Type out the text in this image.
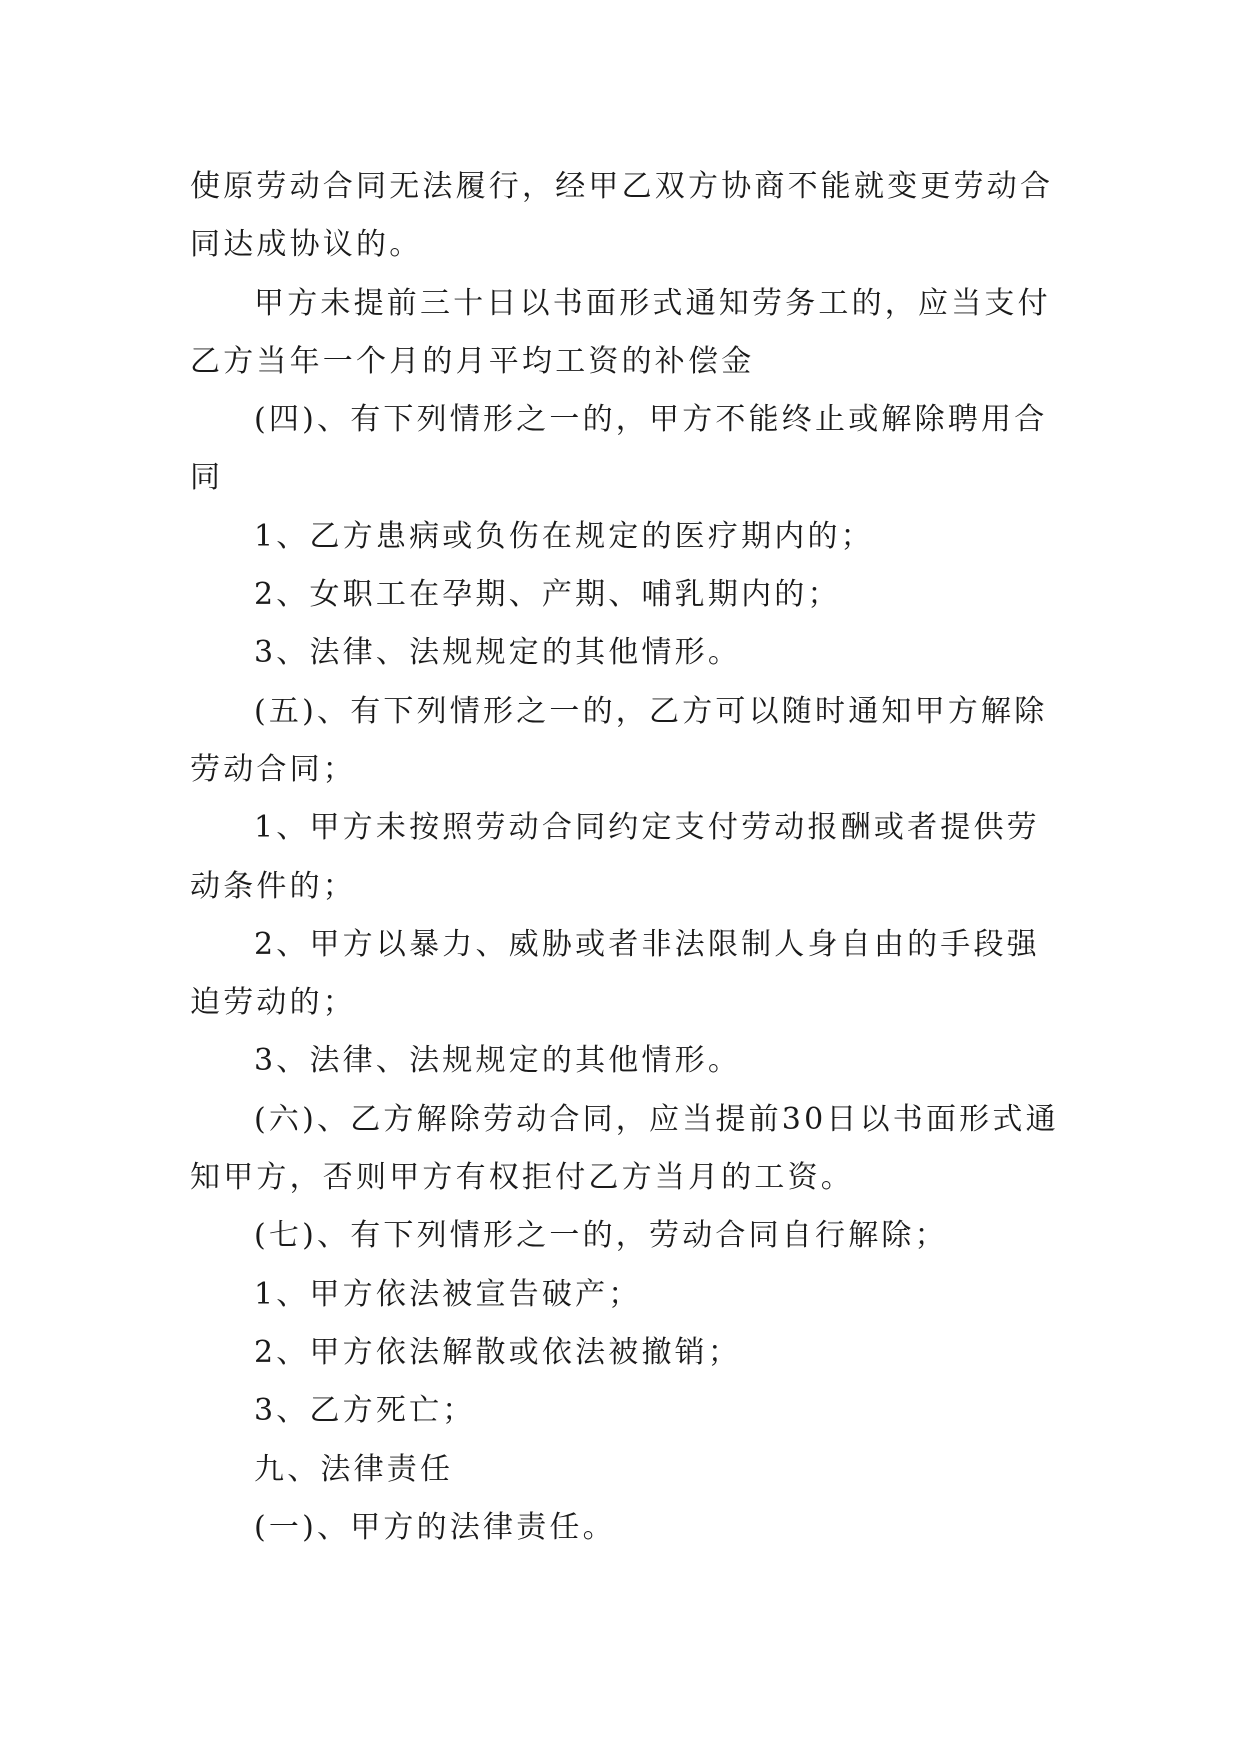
使原劳动合同无法履行，经甲乙双方协商不能就变更劳动合同达成协议的。

甲方未提前三十日以书面形式通知劳务工的，应当支付乙方当年一个月的月平均工资的补偿金

(四)、有下列情形之一的，甲方不能终止或解除聘用合同

1、乙方患病或负伤在规定的医疗期内的；

2、女职工在孕期、产期、哺乳期内的；

3、法律、法规规定的其他情形。

(五)、有下列情形之一的，乙方可以随时通知甲方解除劳动合同；

1、甲方未按照劳动合同约定支付劳动报酬或者提供劳动条件的；

2、甲方以暴力、威胁或者非法限制人身自由的手段强迫劳动的；

3、法律、法规规定的其他情形。

(六)、乙方解除劳动合同，应当提前30日以书面形式通知甲方，否则甲方有权拒付乙方当月的工资。

(七)、有下列情形之一的，劳动合同自行解除；

1、甲方依法被宣告破产；

2、甲方依法解散或依法被撤销；

3、乙方死亡；

九、法律责任

(一)、甲方的法律责任。
